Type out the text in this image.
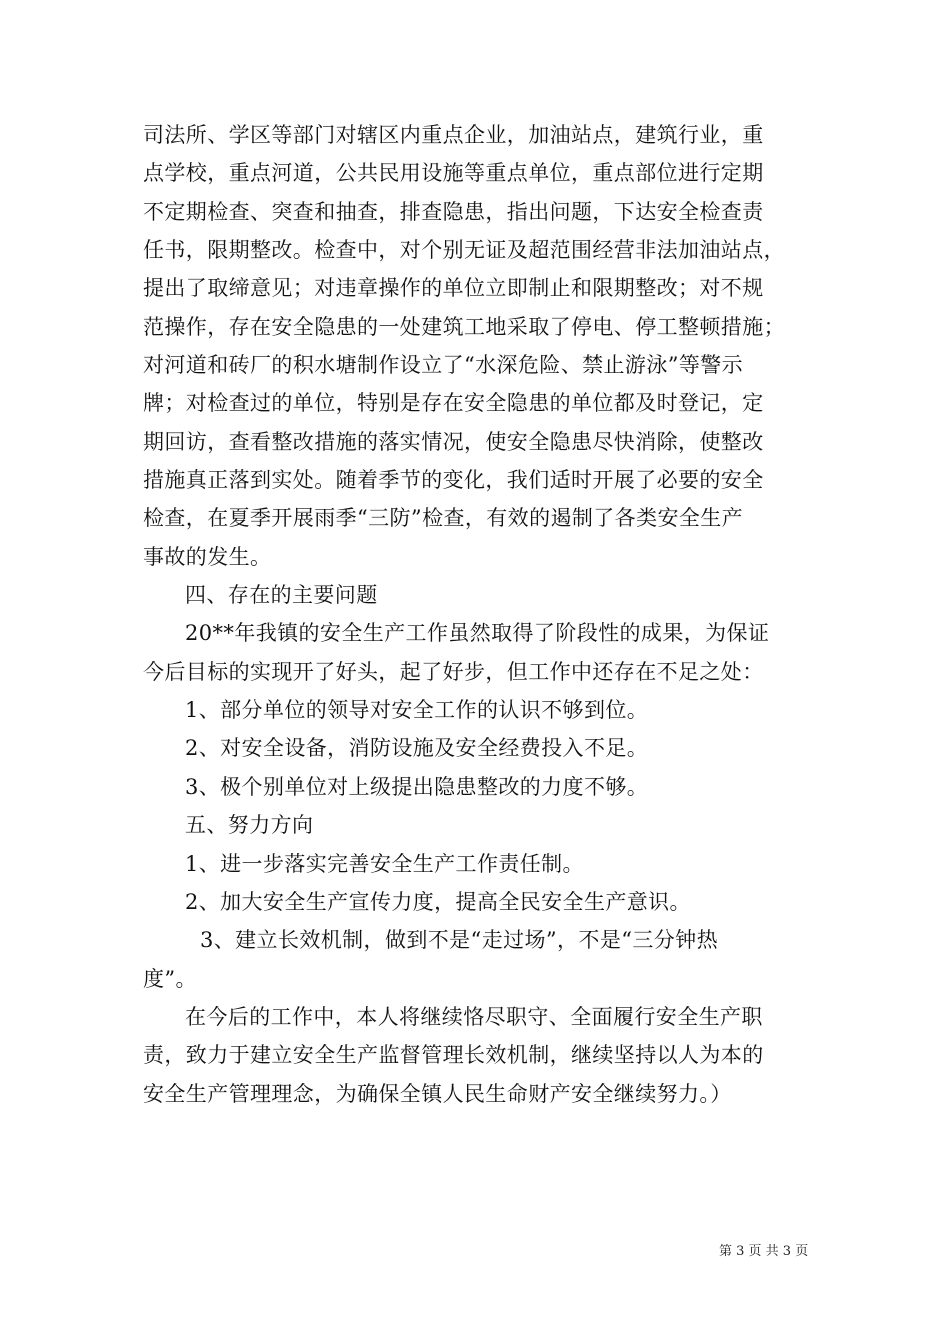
司法所、学区等部门对辖区内重点企业，加油站点，建筑行业，重
点学校，重点河道，公共民用设施等重点单位，重点部位进行定期
不定期检查、突查和抽查，排查隐患，指出问题，下达安全检查责
任书，限期整改。检查中，对个别无证及超范围经营非法加油站点，
提出了取缔意见；对违章操作的单位立即制止和限期整改；对不规
范操作，存在安全隐患的一处建筑工地采取了停电、停工整顿措施；
对河道和砖厂的积水塘制作设立了“水深危险、禁止游泳”等警示
牌；对检查过的单位，特别是存在安全隐患的单位都及时登记，定
期回访，查看整改措施的落实情况，使安全隐患尽快消除，使整改
措施真正落到实处。随着季节的变化，我们适时开展了必要的安全
检查，在夏季开展雨季“三防”检查，有效的遏制了各类安全生产
事故的发生。
四、存在的主要问题
20**年我镇的安全生产工作虽然取得了阶段性的成果，为保证
今后目标的实现开了好头，起了好步，但工作中还存在不足之处：
1、部分单位的领导对安全工作的认识不够到位。
2、对安全设备，消防设施及安全经费投入不足。
3、极个别单位对上级提出隐患整改的力度不够。
五、努力方向
1、进一步落实完善安全生产工作责任制。
2、加大安全生产宣传力度，提高全民安全生产意识。
3、建立长效机制，做到不是“走过场”，不是“三分钟热
度”。
在今后的工作中，本人将继续恪尽职守、全面履行安全生产职
责，致力于建立安全生产监督管理长效机制，继续坚持以人为本的
安全生产管理理念，为确保全镇人民生命财产安全继续努力。）
第 3 页 共 3 页
